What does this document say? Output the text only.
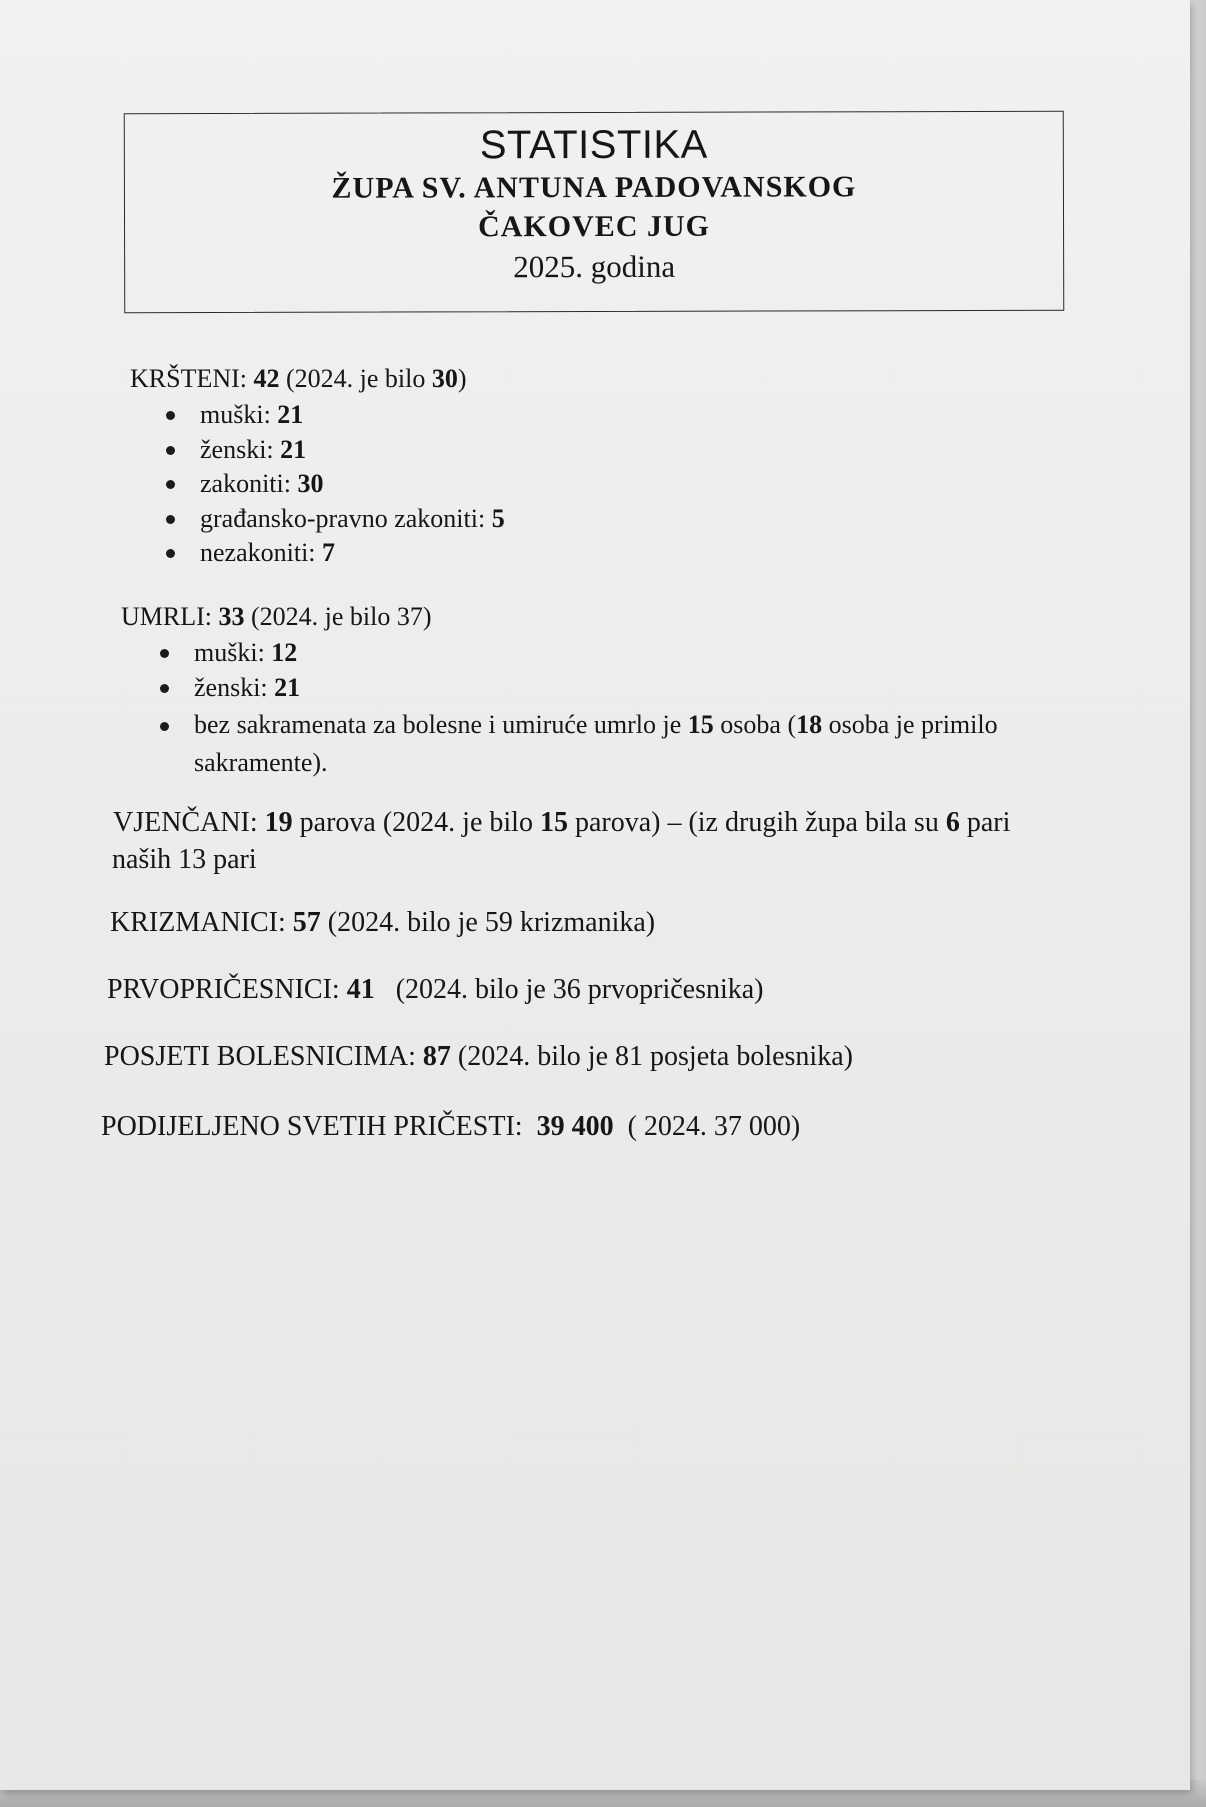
STATISTIKA
ŽUPA SV. ANTUNA PADOVANSKOG
ČAKOVEC JUG
2025. godina
KRŠTENI: 42 (2024. je bilo 30)
muški: 21
ženski: 21
zakoniti: 30
građansko-pravno zakoniti: 5
nezakoniti: 7
UMRLI: 33 (2024. je bilo 37)
muški: 12
ženski: 21
bez sakramenata za bolesne i umiruće umrlo je 15 osoba (18 osoba je primilo
sakramente).
VJENČANI: 19 parova (2024. je bilo 15 parova) – (iz drugih župa bila su 6 pari
naših 13 pari
KRIZMANICI: 57 (2024. bilo je 59 krizmanika)
PRVOPRIČESNICI: 41 (2024. bilo je 36 prvopričesnika)
POSJETI BOLESNICIMA: 87 (2024. bilo je 81 posjeta bolesnika)
PODIJELJENO SVETIH PRIČESTI: 39 400 ( 2024. 37 000)
